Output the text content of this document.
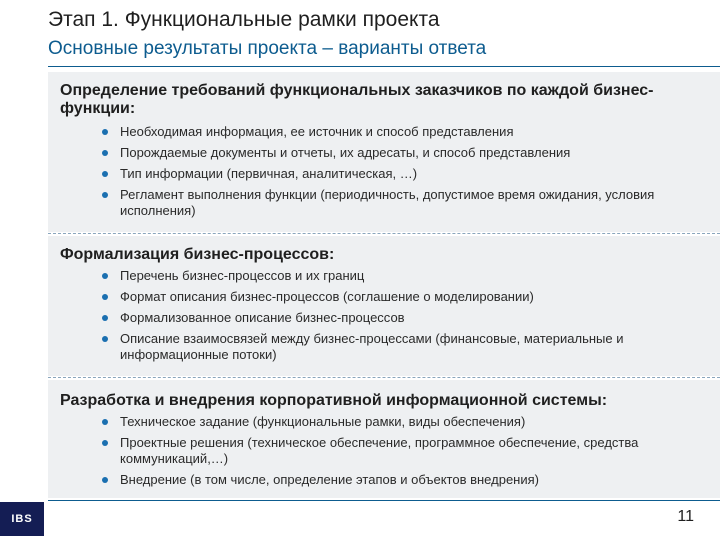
Этап 1. Функциональные рамки проекта
Основные результаты проекта – варианты ответа
Определение требований функциональных заказчиков по каждой бизнес-функции:
Необходимая информация, ее источник и способ представления
Порождаемые документы и отчеты, их адресаты, и способ представления
Тип информации (первичная, аналитическая, …)
Регламент выполнения функции (периодичность, допустимое время ожидания, условия исполнения)
Формализация бизнес-процессов:
Перечень бизнес-процессов и их границ
Формат описания бизнес-процессов (соглашение о моделировании)
Формализованное описание бизнес-процессов
Описание взаимосвязей между бизнес-процессами (финансовые, материальные и информационные потоки)
Разработка и внедрения корпоративной информационной системы:
Техническое задание (функциональные рамки, виды обеспечения)
Проектные решения (техническое обеспечение, программное обеспечение, средства коммуникаций,…)
Внедрение (в том числе, определение этапов и объектов внедрения)
IBS	11
